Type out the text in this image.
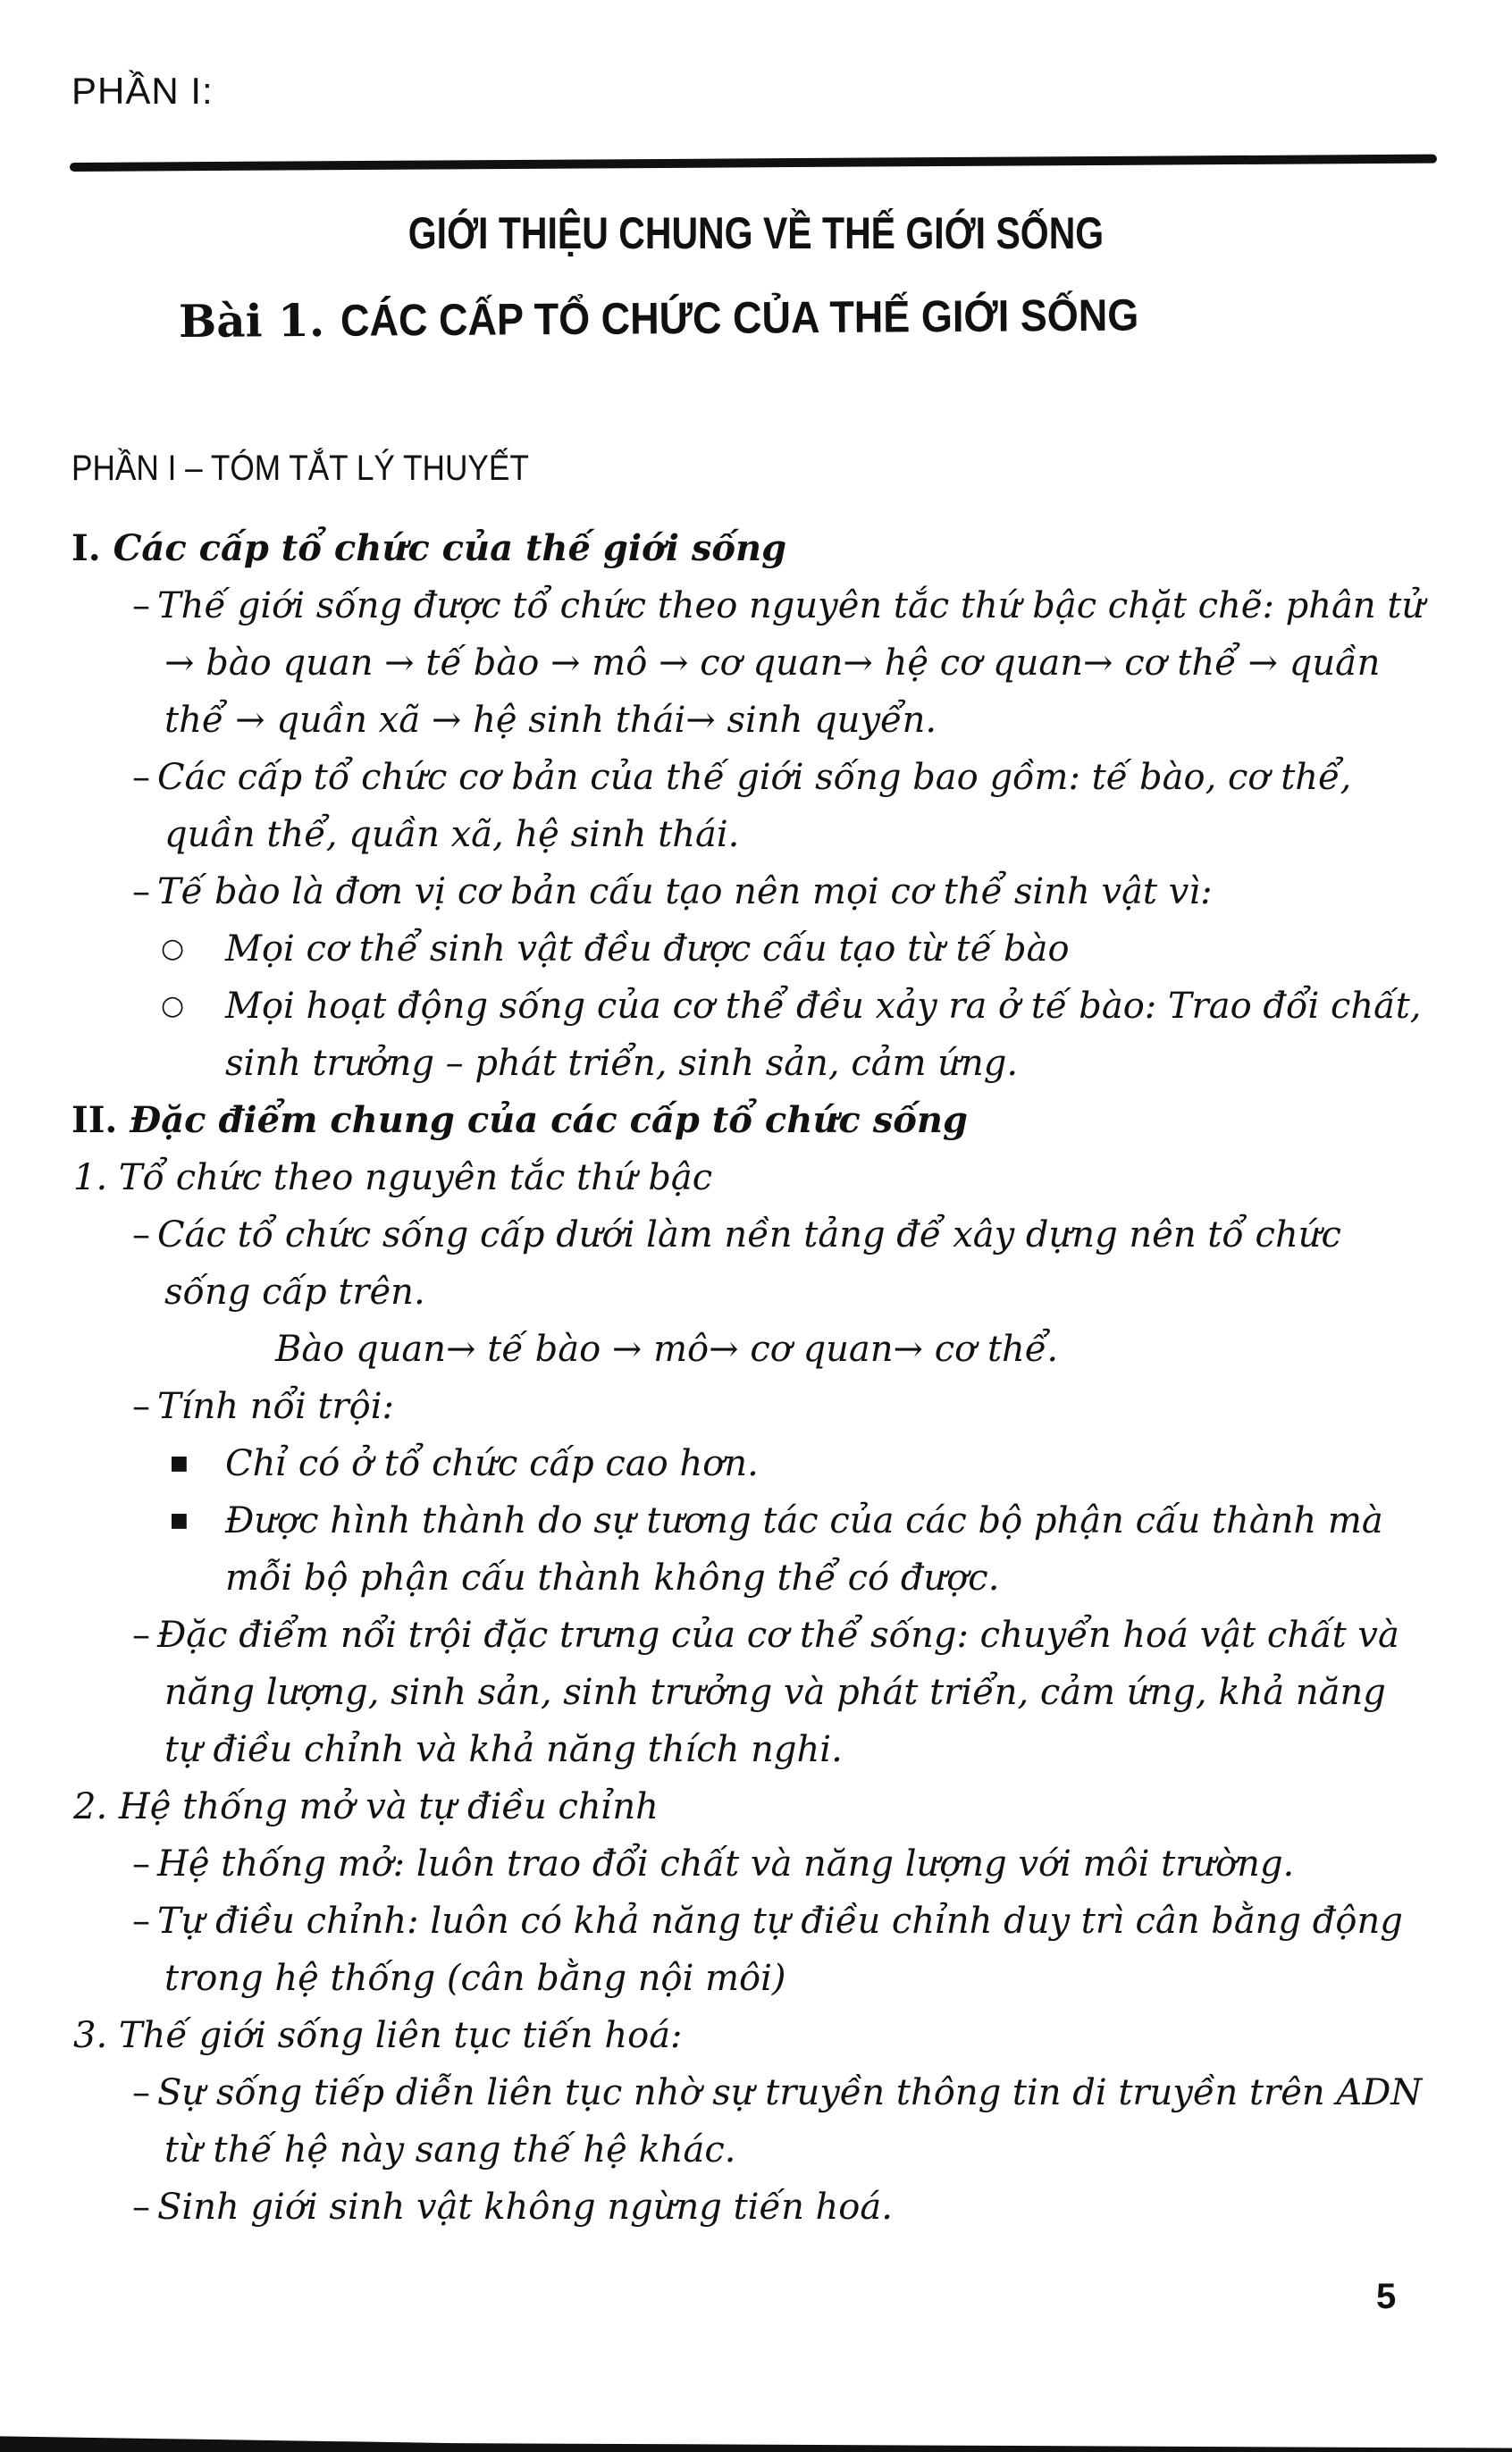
PHẦN I:
GIỚI THIỆU CHUNG VỀ THẾ GIỚI SỐNG
Bài 1. CÁC CẤP TỔ CHỨC CỦA THẾ GIỚI SỐNG
PHẦN I – TÓM TẮT LÝ THUYẾT
I. Các cấp tổ chức của thế giới sống
– Thế giới sống được tổ chức theo nguyên tắc thứ bậc chặt chẽ: phân tử → bào quan → tế bào → mô → cơ quan→ hệ cơ quan→ cơ thể → quần thể → quần xã → hệ sinh thái→ sinh quyển.
– Các cấp tổ chức cơ bản của thế giới sống bao gồm: tế bào, cơ thể, quần thể, quần xã, hệ sinh thái.
– Tế bào là đơn vị cơ bản cấu tạo nên mọi cơ thể sinh vật vì:
○ Mọi cơ thể sinh vật đều được cấu tạo từ tế bào
○ Mọi hoạt động sống của cơ thể đều xảy ra ở tế bào: Trao đổi chất, sinh trưởng – phát triển, sinh sản, cảm ứng.
II. Đặc điểm chung của các cấp tổ chức sống
1. Tổ chức theo nguyên tắc thứ bậc
– Các tổ chức sống cấp dưới làm nền tảng để xây dựng nên tổ chức sống cấp trên.
Bào quan→ tế bào → mô→ cơ quan→ cơ thể.
– Tính nổi trội:
■ Chỉ có ở tổ chức cấp cao hơn.
■ Được hình thành do sự tương tác của các bộ phận cấu thành mà mỗi bộ phận cấu thành không thể có được.
– Đặc điểm nổi trội đặc trưng của cơ thể sống: chuyển hoá vật chất và năng lượng, sinh sản, sinh trưởng và phát triển, cảm ứng, khả năng tự điều chỉnh và khả năng thích nghi.
2. Hệ thống mở và tự điều chỉnh
– Hệ thống mở: luôn trao đổi chất và năng lượng với môi trường.
– Tự điều chỉnh: luôn có khả năng tự điều chỉnh duy trì cân bằng động trong hệ thống (cân bằng nội môi)
3. Thế giới sống liên tục tiến hoá:
– Sự sống tiếp diễn liên tục nhờ sự truyền thông tin di truyền trên ADN từ thế hệ này sang thế hệ khác.
– Sinh giới sinh vật không ngừng tiến hoá.
5
